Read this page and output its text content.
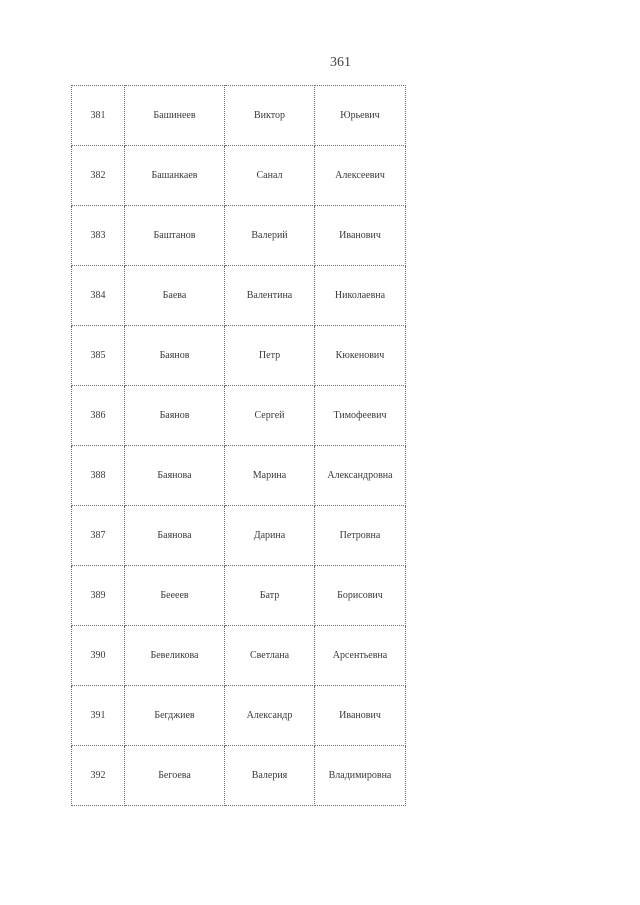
361
381	Башинеев	Виктор	Юрьевич
382	Башанкаев	Санал	Алексеевич
383	Баштанов	Валерий	Иванович
384	Баева	Валентина	Николаевна
385	Баянов	Петр	Кюкенович
386	Баянов	Сергей	Тимофеевич
388	Баянова	Марина	Александровна
387	Баянова	Дарина	Петровна
389	Беееев	Батр	Борисович
390	Бевеликова	Светлана	Арсентьевна
391	Бегджиев	Александр	Иванович
392	Бегоева	Валерия	Владимировна
